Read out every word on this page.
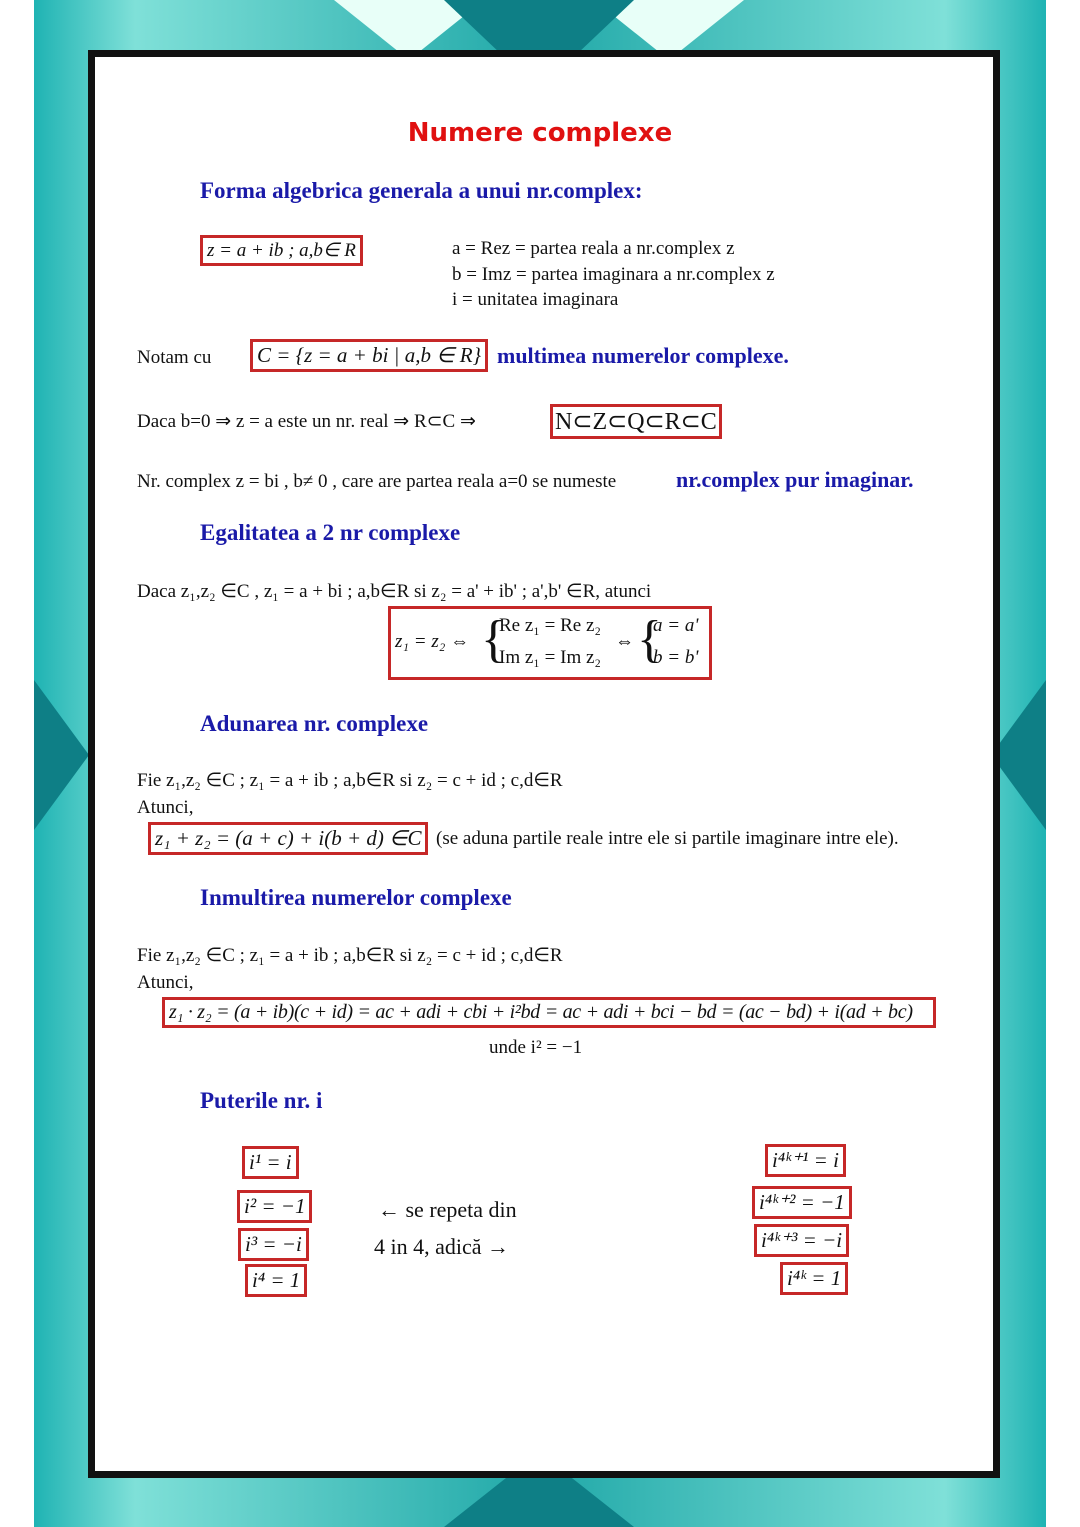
Numere complexe
Forma algebrica generala a unui nr.complex:
z = a + ib ; a,b∈ R	a = Rez = partea reala a nr.complex z
b = Imz = partea imaginara a nr.complex z
i = unitatea imaginara
Notam cu	C = {z = a + bi | a,b ∈ R} multimea numerelor complexe.
Daca b=0 ⇒ z = a este un nr. real ⇒ R⊂C ⇒	N⊂Z⊂Q⊂R⊂C
Nr. complex z = bi , b≠ 0 , care are partea reala a=0 se numeste	nr.complex pur imaginar.
Egalitatea a 2 nr complexe
Daca z₁,z₂ ∈C , z₁ = a + bi ; a,b∈R si z₂ = a' + ib' ; a',b' ∈R, atunci
z₁ = z₂ ⇔ {
Re z₁ = Re z₂
Im z₁ = Im z₂
⇔ {
a = a'
b = b'
Adunarea nr. complexe
Fie z₁,z₂ ∈C ; z₁ = a + ib ; a,b∈R si z₂ = c + id ; c,d∈R
Atunci,
z₁ + z₂ = (a + c) + i(b + d) ∈C (se aduna partile reale intre ele si partile imaginare intre ele).
Inmultirea numerelor complexe
Fie z₁,z₂ ∈C ; z₁ = a + ib ; a,b∈R si z₂ = c + id ; c,d∈R
Atunci,
z₁ · z₂ = (a + ib)(c + id) = ac + adi + cbi + i²bd = ac + adi + bci − bd = (ac − bd) + i(ad + bc)
unde i² = −1
Puterile nr. i
i¹ = i
i² = −1
i³ = −i
i⁴ = 1
← se repeta din
4 in 4, adică →
i⁴ᵏ⁺¹ = i
i⁴ᵏ⁺² = −1
i⁴ᵏ⁺³ = −i
i⁴ᵏ = 1
